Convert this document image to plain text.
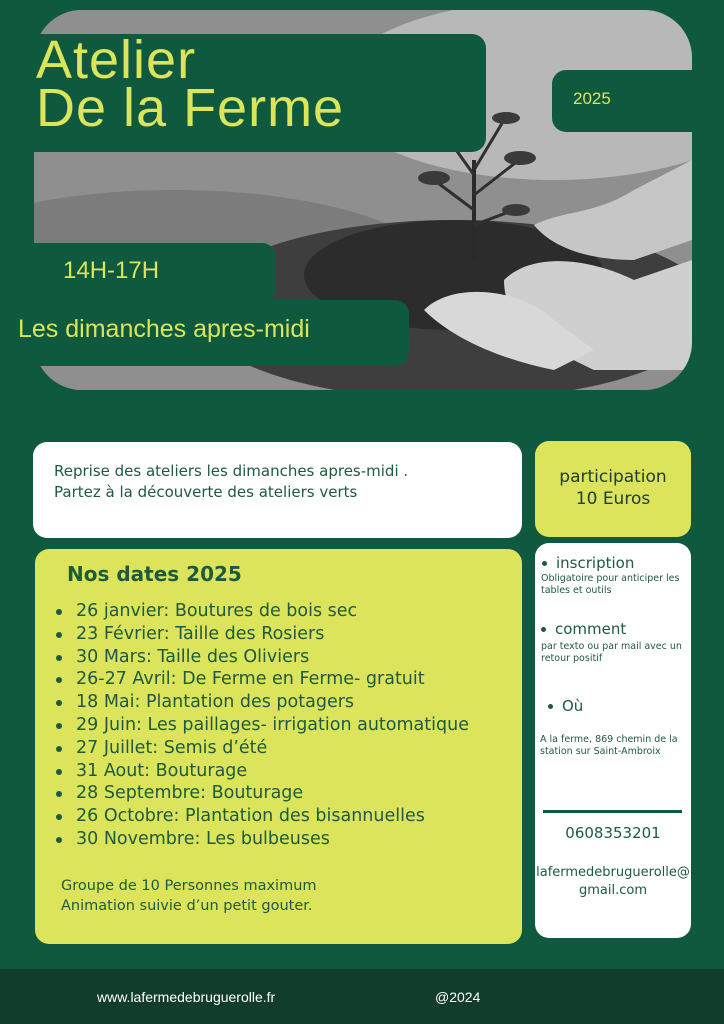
Atelier
De la Ferme	2025
14H-17H
Les dimanches apres-midi

Reprise des ateliers les dimanches apres-midi .
Partez à la découverte des ateliers verts

participation
10 Euros

Nos dates 2025
26 janvier: Boutures de bois sec
23 Février: Taille des Rosiers
30 Mars: Taille des Oliviers
26-27 Avril: De Ferme en Ferme- gratuit
18 Mai: Plantation des potagers
29 Juin: Les paillages- irrigation automatique
27 Juillet: Semis d’été
31 Aout: Bouturage
28 Septembre: Bouturage
26 Octobre: Plantation des bisannuelles
30 Novembre: Les bulbeuses

Groupe de 10 Personnes maximum
Animation suivie d’un petit gouter.

inscription

Obligatoire pour anticiper les tables et outils

comment

par texto ou par mail avec un retour positif

Où

A la ferme, 869 chemin de la station sur Saint-Ambroix

0608353201

lafermedebruguerolle@
gmail.com

www.lafermedebruguerolle.fr	@2024
